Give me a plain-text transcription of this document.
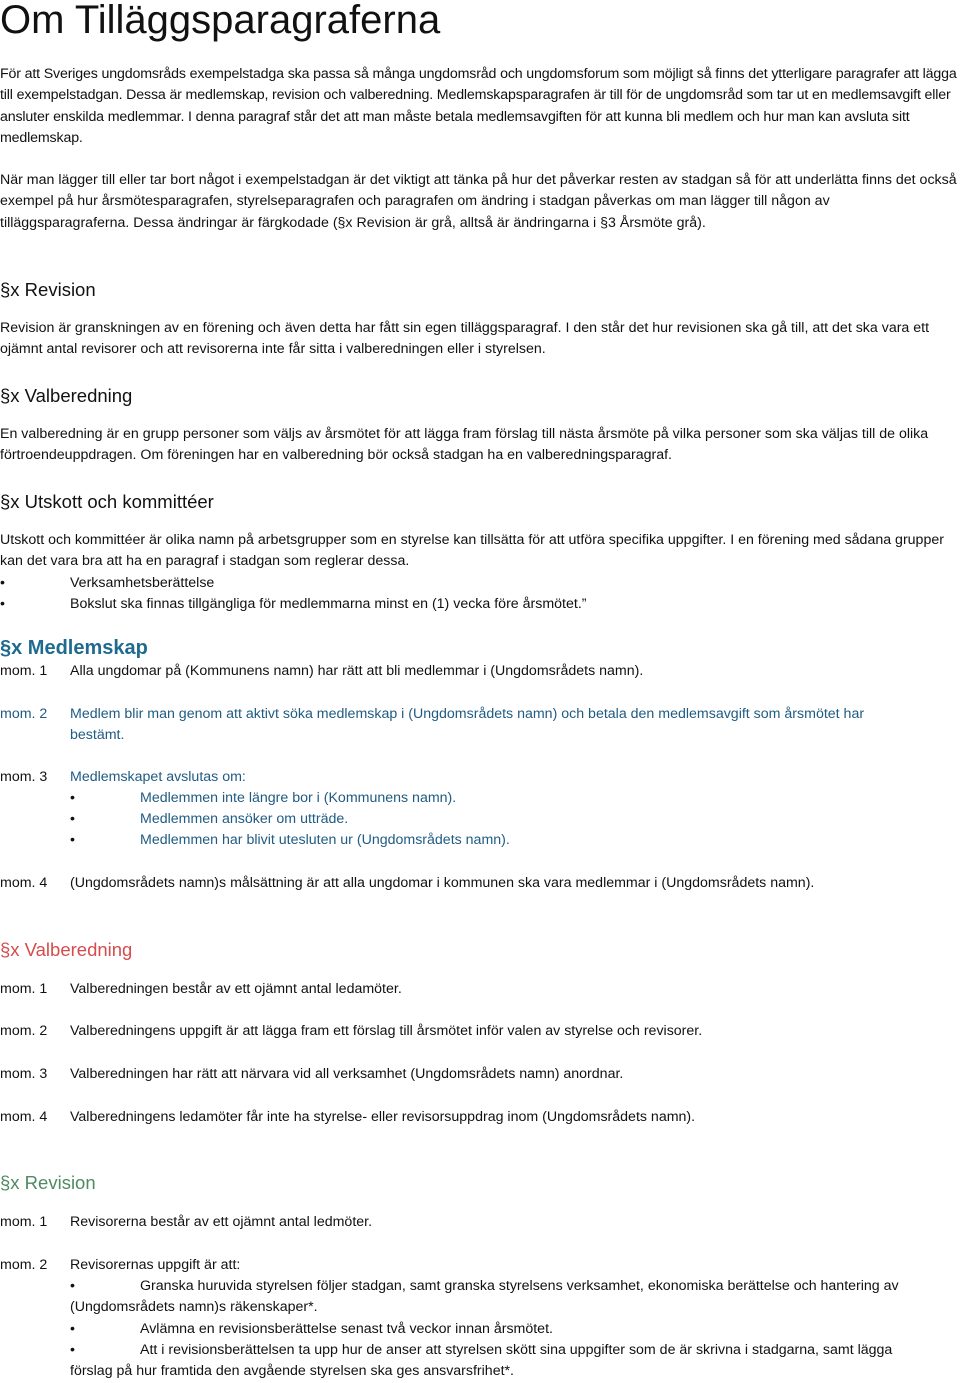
Om Tilläggsparagraferna

För att Sveriges ungdomsråds exempelstadga ska passa så många ungdomsråd och ungdomsforum som möjligt så finns det ytterligare paragrafer att lägga till exempelstadgan. Dessa är medlemskap, revision och valberedning. Medlemskapsparagrafen är till för de ungdomsråd som tar ut en medlemsavgift eller ansluter enskilda medlemmar. I denna paragraf står det att man måste betala medlemsavgiften för att kunna bli medlem och hur man kan avsluta sitt medlemskap.

När man lägger till eller tar bort något i exempelstadgan är det viktigt att tänka på hur det påverkar resten av stadgan så för att underlätta finns det också exempel på hur årsmötesparagrafen, styrelseparagrafen och paragrafen om ändring i stadgan påverkas om man lägger till någon av tilläggsparagraferna. Dessa ändringar är färgkodade (§x Revision är grå, alltså är ändringarna i §3 Årsmöte grå).

§x Revision

Revision är granskningen av en förening och även detta har fått sin egen tilläggsparagraf. I den står det hur revisionen ska gå till, att det ska vara ett ojämnt antal revisorer och att revisorerna inte får sitta i valberedningen eller i styrelsen.

§x Valberedning

En valberedning är en grupp personer som väljs av årsmötet för att lägga fram förslag till nästa årsmöte på vilka personer som ska väljas till de olika förtroendeuppdragen. Om föreningen har en valberedning bör också stadgan ha en valberedningsparagraf.

§x Utskott och kommittéer

Utskott och kommittéer är olika namn på arbetsgrupper som en styrelse kan tillsätta för att utföra specifika uppgifter. I en förening med sådana grupper kan det vara bra att ha en paragraf i stadgan som reglerar dessa.

•	Verksamhetsberättelse
•	Bokslut ska finnas tillgängliga för medlemmarna minst en (1) vecka före årsmötet.”
§x Medlemskap
mom. 1	Alla ungdomar på (Kommunens namn) har rätt att bli medlemmar i (Ungdomsrådets namn).
mom. 2	Medlem blir man genom att aktivt söka medlemskap i (Ungdomsrådets namn) och betala den medlemsavgift som årsmötet har bestämt.
mom. 3	Medlemskapet avslutas om:
•	Medlemmen inte längre bor i (Kommunens namn).
•	Medlemmen ansöker om utträde.
•	Medlemmen har blivit utesluten ur (Ungdomsrådets namn).
mom. 4	(Ungdomsrådets namn)s målsättning är att alla ungdomar i kommunen ska vara medlemmar i (Ungdomsrådets namn).
§x Valberedning
mom. 1	Valberedningen består av ett ojämnt antal ledamöter.
mom. 2	Valberedningens uppgift är att lägga fram ett förslag till årsmötet inför valen av styrelse och revisorer.
mom. 3	Valberedningen har rätt att närvara vid all verksamhet (Ungdomsrådets namn) anordnar.
mom. 4	Valberedningens ledamöter får inte ha styrelse- eller revisorsuppdrag inom (Ungdomsrådets namn).
§x Revision
mom. 1	Revisorerna består av ett ojämnt antal ledmöter.
mom. 2	Revisorernas uppgift är att:
•	Granska huruvida styrelsen följer stadgan, samt granska styrelsens verksamhet, ekonomiska berättelse och hantering av (Ungdomsrådets namn)s räkenskaper*.
•	Avlämna en revisionsberättelse senast två veckor innan årsmötet.
•	Att i revisionsberättelsen ta upp hur de anser att styrelsen skött sina uppgifter som de är skrivna i stadgarna, samt lägga förslag på hur framtida den avgående styrelsen ska ges ansvarsfrihet*.
